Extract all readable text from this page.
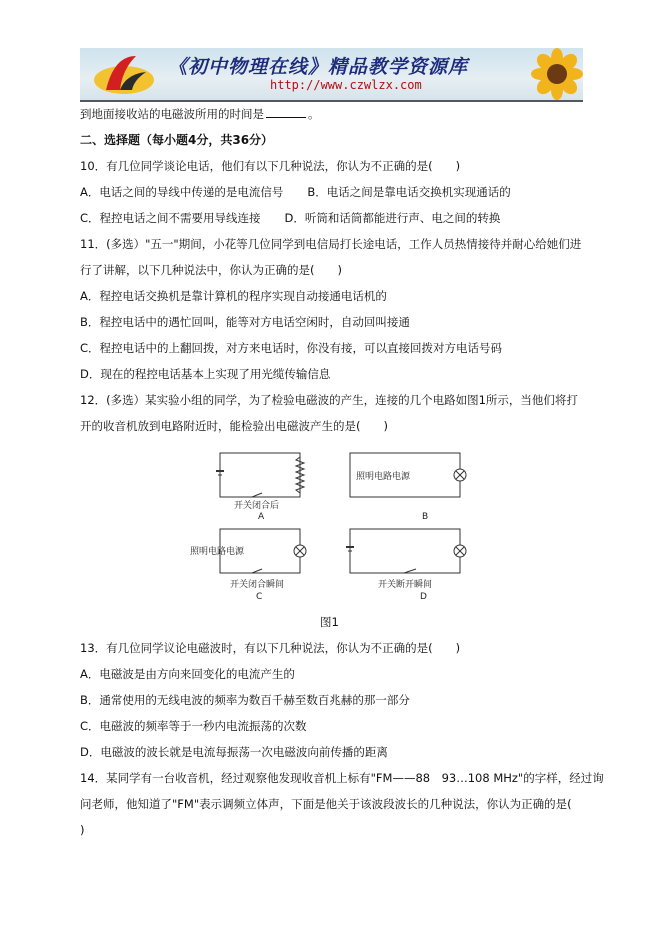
《初中物理在线》精品教学资源库
http://www.czwlzx.com
到地面接收站的电磁波所用的时间是	。
二、选择题（每小题4分，共36分）
10．有几位同学谈论电话，他们有以下几种说法，你认为不正确的是(　　)
A．电话之间的导线中传递的是电流信号 B．电话之间是靠电话交换机实现通话的
C．程控电话之间不需要用导线连接 D．听筒和话筒都能进行声、电之间的转换
11．(多选）"五一"期间，小花等几位同学到电信局打长途电话，工作人员热情接待并耐心给她们进
行了讲解，以下几种说法中，你认为正确的是(　　)
A．程控电话交换机是靠计算机的程序实现自动接通电话机的
B．程控电话中的遇忙回叫，能等对方电话空闲时，自动回叫接通
C．程控电话中的上翻回拨，对方来电话时，你没有接，可以直接回拨对方电话号码
D．现在的程控电话基本上实现了用光缆传输信息
12．(多选）某实验小组的同学，为了检验电磁波的产生，连接的几个电路如图1所示，当他们将打
开的收音机放到电路附近时，能检验出电磁波产生的是(　　)
开关闭合后
A
照明电路电源
B
照明电路电源
开关闭合瞬间
C
开关断开瞬间
D
图1
13．有几位同学议论电磁波时，有以下几种说法，你认为不正确的是(　　)
A．电磁波是由方向来回变化的电流产生的
B．通常使用的无线电波的频率为数百千赫至数百兆赫的那一部分
C．电磁波的频率等于一秒内电流振荡的次数
D．电磁波的波长就是电流每振荡一次电磁波向前传播的距离
14．某同学有一台收音机，经过观察他发现收音机上标有"FM——88　93…108 MHz"的字样，经过询
问老师，他知道了"FM"表示调频立体声，下面是他关于该波段波长的几种说法，你认为正确的是(
)
